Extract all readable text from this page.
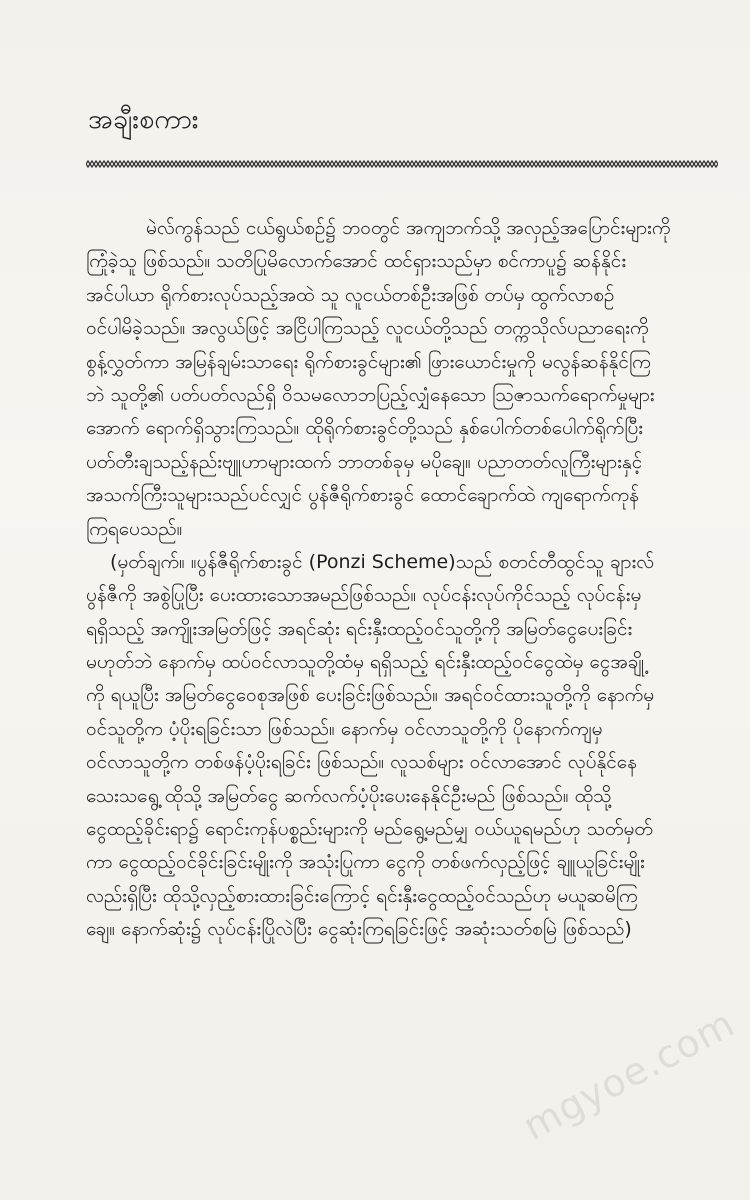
အချီးစကား
မဲလ်ကွန်သည် ငယ်ရွယ်စဉ်၌ ဘဝတွင် အကျဘက်သို့ အလှည့်အပြောင်းများကို
ကြုံခဲ့သူ ဖြစ်သည်။ သတိပြုမိလောက်အောင် ထင်ရှားသည်မှာ စင်ကာပူ၌ ဆန်နိုင်း
အင်ပါယာ ရိုက်စားလုပ်သည့်အထဲ သူ လူငယ်တစ်ဦးအဖြစ် တပ်မှ ထွက်လာစဉ်
ဝင်ပါမိခဲ့သည်။ အလွယ်ဖြင့် အငြိပါကြသည့် လူငယ်တို့သည် တက္ကသိုလ်ပညာရေးကို
စွန့်လွှတ်ကာ အမြန်ချမ်းသာရေး ရိုက်စားခွင်များ၏ ဖြားယောင်းမှုကို မလွန်ဆန်နိုင်ကြ
ဘဲ သူတို့၏ ပတ်ပတ်လည်ရှိ ဝိသမလောဘပြည့်လျှံနေသော ဩဇာသက်ရောက်မှုများ
အောက် ရောက်ရှိသွားကြသည်။ ထိုရိုက်စားခွင်တို့သည် နှစ်ပေါက်တစ်ပေါက်ရိုက်ပြီး
ပတ်တီးချသည့်နည်းဗျူဟာများထက် ဘာတစ်ခုမှ မပိုချေ။ ပညာတတ်လူကြီးများနှင့်
အသက်ကြီးသူများသည်ပင်လျှင် ပွန်ဇီရိုက်စားခွင် ထောင်ချောက်ထဲ ကျရောက်ကုန်
ကြရပေသည်။
(မှတ်ချက်။ ။ပွန်ဇီရိုက်စားခွင် (Ponzi Scheme)သည် စတင်တီထွင်သူ ချားလ်
ပွန်ဇီကို အစွဲပြုပြီး ပေးထားသောအမည်ဖြစ်သည်။ လုပ်ငန်းလုပ်ကိုင်သည့် လုပ်ငန်းမှ
ရရှိသည့် အကျိုးအမြတ်ဖြင့် အရင်ဆုံး ရင်းနှီးထည့်ဝင်သူတို့ကို အမြတ်ငွေပေးခြင်း
မဟုတ်ဘဲ နောက်မှ ထပ်ဝင်လာသူတို့ထံမှ ရရှိသည့် ရင်းနှီးထည့်ဝင်ငွေထဲမှ ငွေအချို့
ကို ရယူပြီး အမြတ်ငွေဝေစုအဖြစ် ပေးခြင်းဖြစ်သည်။ အရင်ဝင်ထားသူတို့ကို နောက်မှ
ဝင်သူတို့က ပံ့ပိုးရခြင်းသာ ဖြစ်သည်။ နောက်မှ ဝင်လာသူတို့ကို ပိုနောက်ကျမှ
ဝင်လာသူတို့က တစ်ဖန်ပံ့ပိုးရခြင်း ဖြစ်သည်။ လူသစ်များ ဝင်လာအောင် လုပ်နိုင်နေ
သေးသရွေ့ ထိုသို့ အမြတ်ငွေ ဆက်လက်ပံ့ပိုးပေးနေနိုင်ဦးမည် ဖြစ်သည်။ ထိုသို့
ငွေထည့်ခိုင်းရာ၌ ရောင်းကုန်ပစ္စည်းများကို မည်ရွေ့မည်မျှ ဝယ်ယူရမည်ဟု သတ်မှတ်
ကာ ငွေထည့်ဝင်ခိုင်းခြင်းမျိုးကို အသုံးပြုကာ ငွေကို တစ်ဖက်လှည့်ဖြင့် ချူယူခြင်းမျိုး
လည်းရှိပြီး ထိုသို့လှည့်စားထားခြင်းကြောင့် ရင်းနှီးငွေထည့်ဝင်သည်ဟု မယူဆမိကြ
ချေ။ နောက်ဆုံး၌ လုပ်ငန်းပြိုလဲပြီး ငွေဆုံးကြရခြင်းဖြင့် အဆုံးသတ်စမြဲ ဖြစ်သည်)
mgyoe.com
